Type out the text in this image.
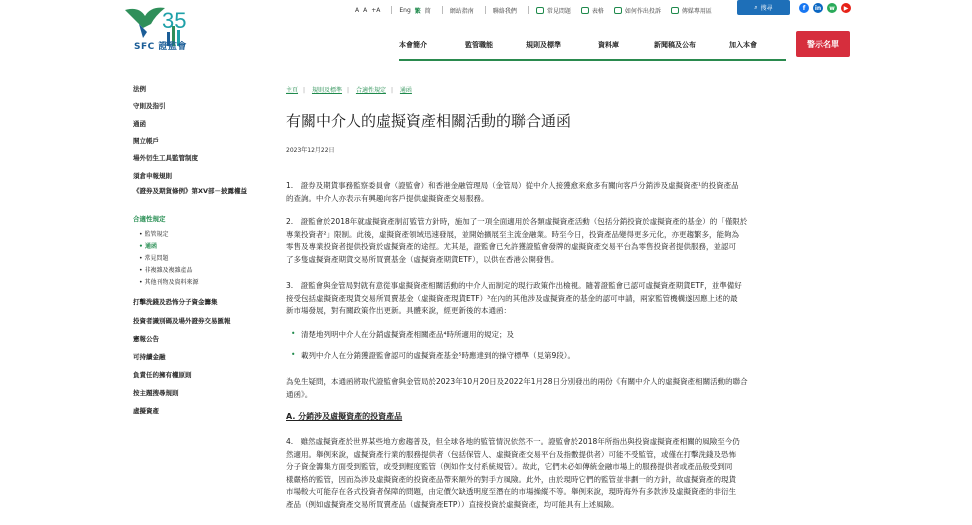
35
SFC 證監會
A A +A	Eng 繁 简	網站指南	聯絡我們	常見問題	表格	如何作出投訴	傳媒專用區
⌕ 搜尋	f	in	w	▶
本會簡介	監管職能	規則及標準	資料庫	新聞稿及公布	加入本會	警示名單
法例
守則及指引
通函
開立帳戶
場外衍生工具監管制度
須倉申報規則
《證券及期貨條例》第XV部－披露權益
合適性規定
• 監管規定
• 通函
• 常見問題
• 非複雜及複雜產品
• 其他刊物及資料來源
打擊洗錢及恐怖分子資金籌集
投資者識別碼及場外證券交易匯報
憲報公告
可持續金融
負責任的擁有權原則
按主題搜尋規則
虛擬資產
主頁 | 規則及標準 | 合適性規定 | 通函
有關中介人的虛擬資產相關活動的聯合通函
2023年12月22日
1.　證券及期貨事務監察委員會（證監會）和香港金融管理局（金管局）從中介人接獲愈來愈多有關向客戶分銷涉及虛擬資產¹的投資產品
的查詢。中介人亦表示有興趣向客戶提供虛擬資產交易服務。
2.　證監會於2018年就虛擬資產制訂監管方針時，施加了一項全面適用於各類虛擬資產活動（包括分銷投資於虛擬資產的基金）的「僅限於
專業投資者²」限制。此後，虛擬資產領域迅速發展，並開始擴展至主流金融業。時至今日，投資產品變得更多元化，亦更趨繁多，能夠為
零售及專業投資者提供投資於虛擬資產的途徑。尤其是，證監會已允許獲證監會發牌的虛擬資產交易平台為零售投資者提供服務，並認可
了多隻虛擬資產期貨交易所買賣基金（虛擬資產期貨ETF），以供在香港公開發售。
3.　證監會與金管局對就有意從事虛擬資產相關活動的中介人而制定的現行政策作出檢視。隨著證監會已認可虛擬資產期貨ETF，並準備好
接受包括虛擬資產現貨交易所買賣基金（虛擬資產現貨ETF）³在內的其他涉及虛擬資產的基金的認可申請，兩家監管機構遂因應上述的最
新市場發展，對有關政策作出更新。具體來說，經更新後的本通函：
• 清楚地列明中介人在分銷虛擬資產相關產品⁴時所適用的規定；及
• 載列中介人在分銷獲證監會認可的虛擬資產基金⁵時應達到的操守標準（見第9段）。
為免生疑問，本通函將取代證監會與金管局於2023年10月20日及2022年1月28日分別發出的兩份《有關中介人的虛擬資產相關活動的聯合
通函》。
A. 分銷涉及虛擬資產的投資產品
4.　雖然虛擬資產於世界某些地方愈趨普及，但全球各地的監管情況依然不一。證監會於2018年所指出與投資虛擬資產相關的風險至今仍
然適用。舉例來說，虛擬資產行業的服務提供者（包括保管人、虛擬資產交易平台及指數提供者）可能不受監管，或僅在打擊洗錢及恐怖
分子資金籌集方面受到監管，或受到輕度監管（例如作支付系統規管）。故此，它們未必如傳統金融市場上的服務提供者或產品般受到同
樣嚴格的監管，因而為涉及虛擬資產的投資產品帶來額外的對手方風險。此外，由於現時它們的監管並非劃一的方針，故虛擬資產的現貨
市場較大可能存在各式投資者保障的問題，由定價欠缺透明度至潛在的市場操縱不等。舉例來說，現時海外有多款涉及虛擬資產的非衍生
產品（例如虛擬資產交易所買賣產品（虛擬資產ETP））直接投資於虛擬資產，均可能具有上述風險。
